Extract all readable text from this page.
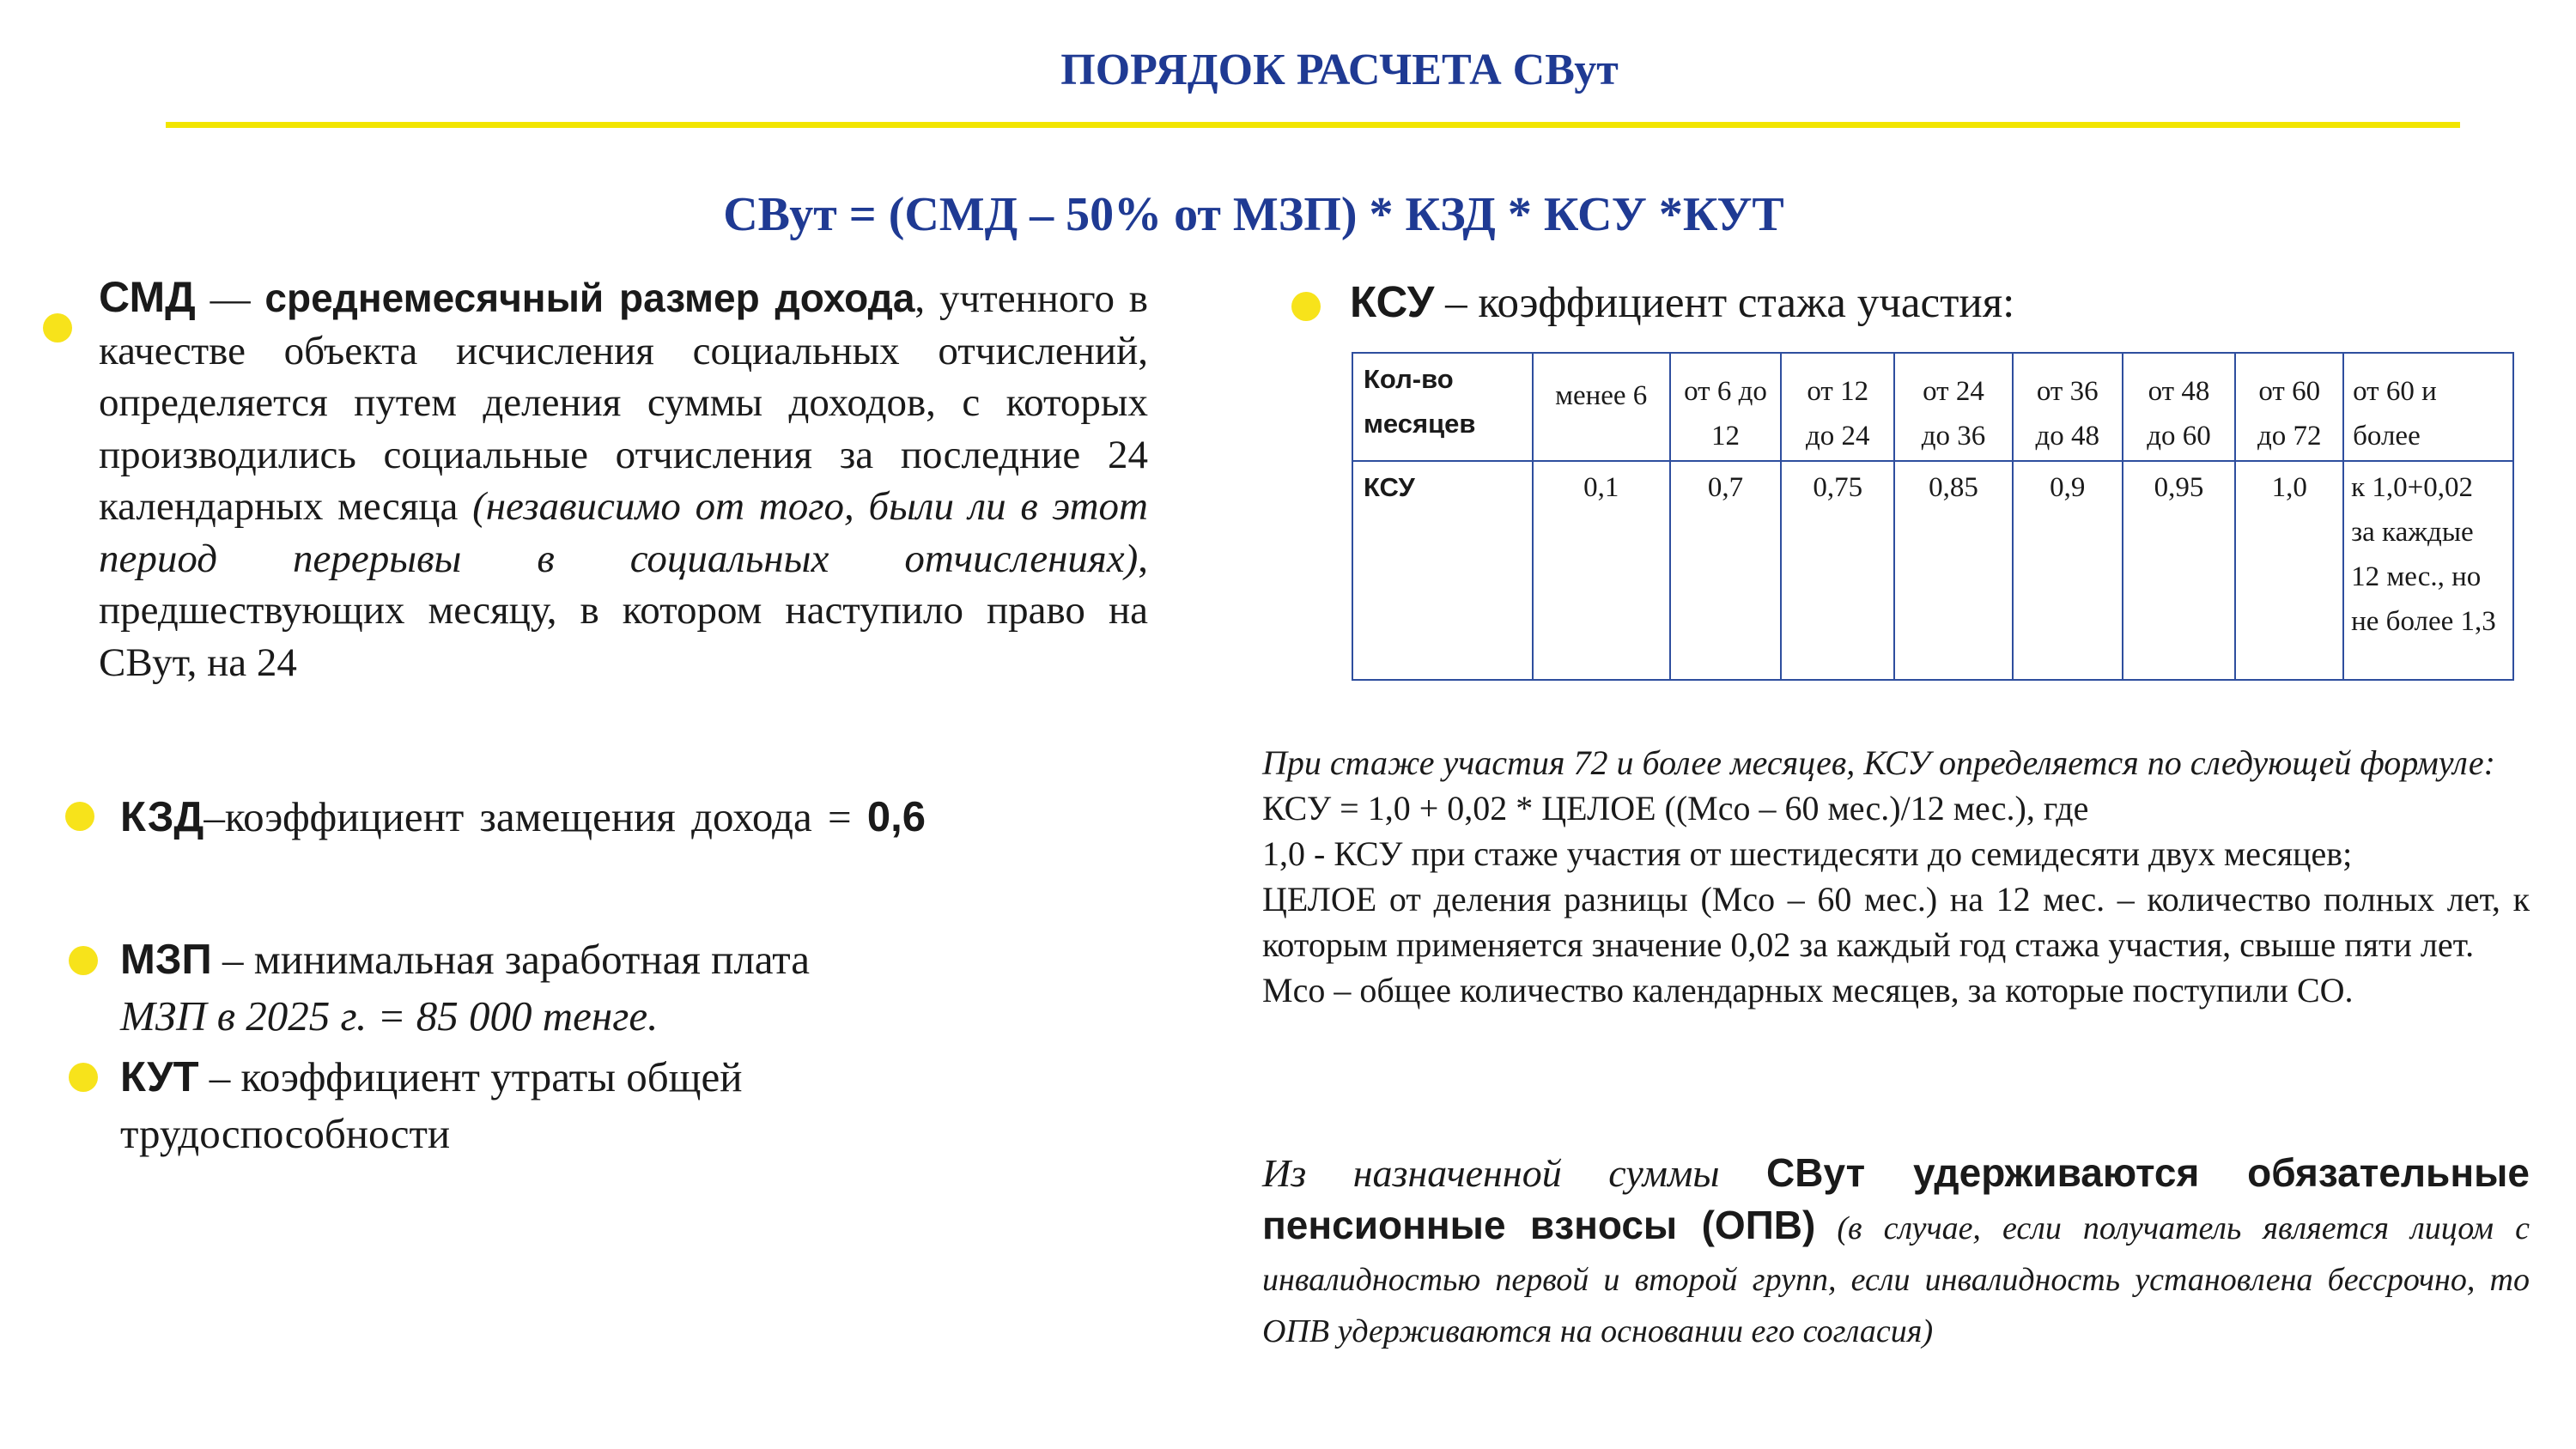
ПОРЯДОК РАСЧЕТА СВут
СВут = (СМД – 50% от МЗП) * КЗД * КСУ *КУТ
СМД — среднемесячный размер дохода, учтенного в качестве объекта исчисления социальных отчислений, определяется путем деления суммы доходов, с которых производились социальные отчисления за последние 24 календарных месяца (независимо от того, были ли в этот период перерывы в социальных отчислениях), предшествующих месяцу, в котором наступило право на СВут, на 24
КЗД–коэффициент замещения дохода = 0,6
МЗП – минимальная заработная плата
МЗП в 2025 г. = 85 000 тенге.
КУТ – коэффициент утраты общей трудоспособности
КСУ – коэффициент стажа участия:
Кол-во месяцев	менее 6	от 6 до 12	от 12 до 24	от 24 до 36	от 36 до 48	от 48 до 60	от 60 до 72	от 60 и более
КСУ	0,1	0,7	0,75	0,85	0,9	0,95	1,0	к 1,0+0,02 за каждые 12 мес., но не более 1,3
При стаже участия 72 и более месяцев, КСУ определяется по следующей формуле:
КСУ = 1,0 + 0,02 * ЦЕЛОЕ ((Мсо – 60 мес.)/12 мес.), где
1,0 - КСУ при стаже участия от шестидесяти до семидесяти двух месяцев;
ЦЕЛОЕ от деления разницы (Мсо – 60 мес.) на 12 мес. – количество полных лет, к которым применяется значение 0,02 за каждый год стажа участия, свыше пяти лет.
Мсо – общее количество календарных месяцев, за которые поступили СО.
Из назначенной суммы СВут удерживаются обязательные пенсионные взносы (ОПВ) (в случае, если получатель является лицом с инвалидностью первой и второй групп, если инвалидность установлена бессрочно, то ОПВ удерживаются на основании его согласия)
